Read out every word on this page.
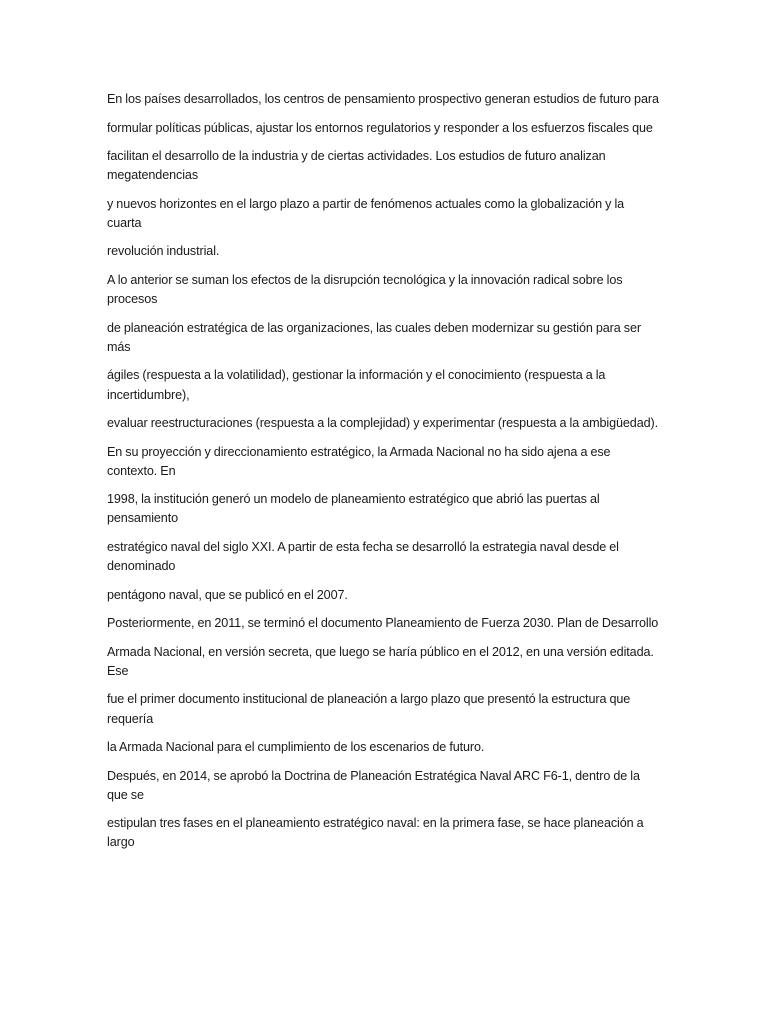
En los países desarrollados, los centros de pensamiento prospectivo generan estudios de futuro para

formular políticas públicas, ajustar los entornos regulatorios y responder a los esfuerzos fiscales que

facilitan el desarrollo de la industria y de ciertas actividades. Los estudios de futuro analizan megatendencias

y nuevos horizontes en el largo plazo a partir de fenómenos actuales como la globalización y la cuarta

revolución industrial.

A lo anterior se suman los efectos de la disrupción tecnológica y la innovación radical sobre los procesos

de planeación estratégica de las organizaciones, las cuales deben modernizar su gestión para ser más

ágiles (respuesta a la volatilidad), gestionar la información y el conocimiento (respuesta a la incertidumbre),

evaluar reestructuraciones (respuesta a la complejidad) y experimentar (respuesta a la ambigüedad).

En su proyección y direccionamiento estratégico, la Armada Nacional no ha sido ajena a ese contexto. En

1998, la institución generó un modelo de planeamiento estratégico que abrió las puertas al pensamiento

estratégico naval del siglo XXI. A partir de esta fecha se desarrolló la estrategia naval desde el denominado

pentágono naval, que se publicó en el 2007.

Posteriormente, en 2011, se terminó el documento Planeamiento de Fuerza 2030. Plan de Desarrollo

Armada Nacional, en versión secreta, que luego se haría público en el 2012, en una versión editada. Ese

fue el primer documento institucional de planeación a largo plazo que presentó la estructura que requería

la Armada Nacional para el cumplimiento de los escenarios de futuro.

Después, en 2014, se aprobó la Doctrina de Planeación Estratégica Naval ARC F6-1, dentro de la que se

estipulan tres fases en el planeamiento estratégico naval: en la primera fase, se hace planeación a largo
